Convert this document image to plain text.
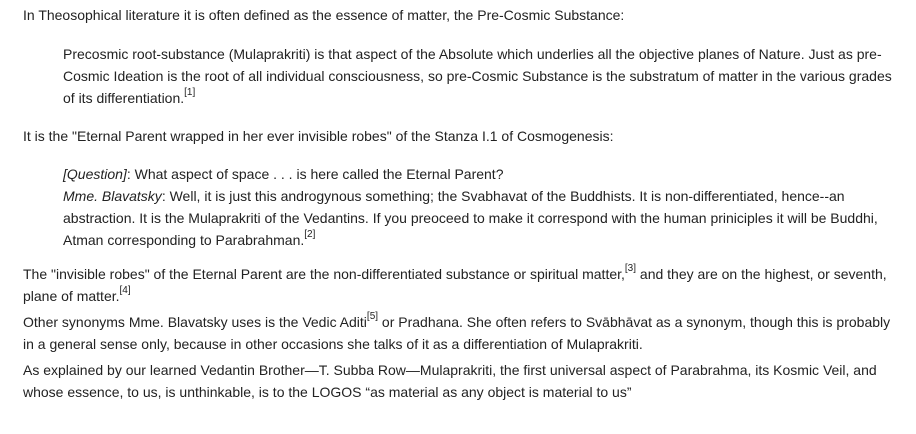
In Theosophical literature it is often defined as the essence of matter, the Pre-Cosmic Substance:

Precosmic root-substance (Mulaprakriti) is that aspect of the Absolute which underlies all the objective planes of Nature. Just as pre-Cosmic Ideation is the root of all individual consciousness, so pre-Cosmic Substance is the substratum of matter in the various grades of its differentiation.[1]

It is the "Eternal Parent wrapped in her ever invisible robes" of the Stanza I.1 of Cosmogenesis:

[Question]: What aspect of space . . . is here called the Eternal Parent?
Mme. Blavatsky: Well, it is just this androgynous something; the Svabhavat of the Buddhists. It is non-differentiated, hence--an abstraction. It is the Mulaprakriti of the Vedantins. If you preoceed to make it correspond with the human priniciples it will be Buddhi, Atman corresponding to Parabrahman.[2]

The "invisible robes" of the Eternal Parent are the non-differentiated substance or spiritual matter,[3] and they are on the highest, or seventh, plane of matter.[4]

Other synonyms Mme. Blavatsky uses is the Vedic Aditi[5] or Pradhana. She often refers to Svābhāvat as a synonym, though this is probably in a general sense only, because in other occasions she talks of it as a differentiation of Mulaprakriti.

As explained by our learned Vedantin Brother—T. Subba Row—Mulaprakriti, the first universal aspect of Parabrahma, its Kosmic Veil, and whose essence, to us, is unthinkable, is to the LOGOS “as material as any object is material to us”
